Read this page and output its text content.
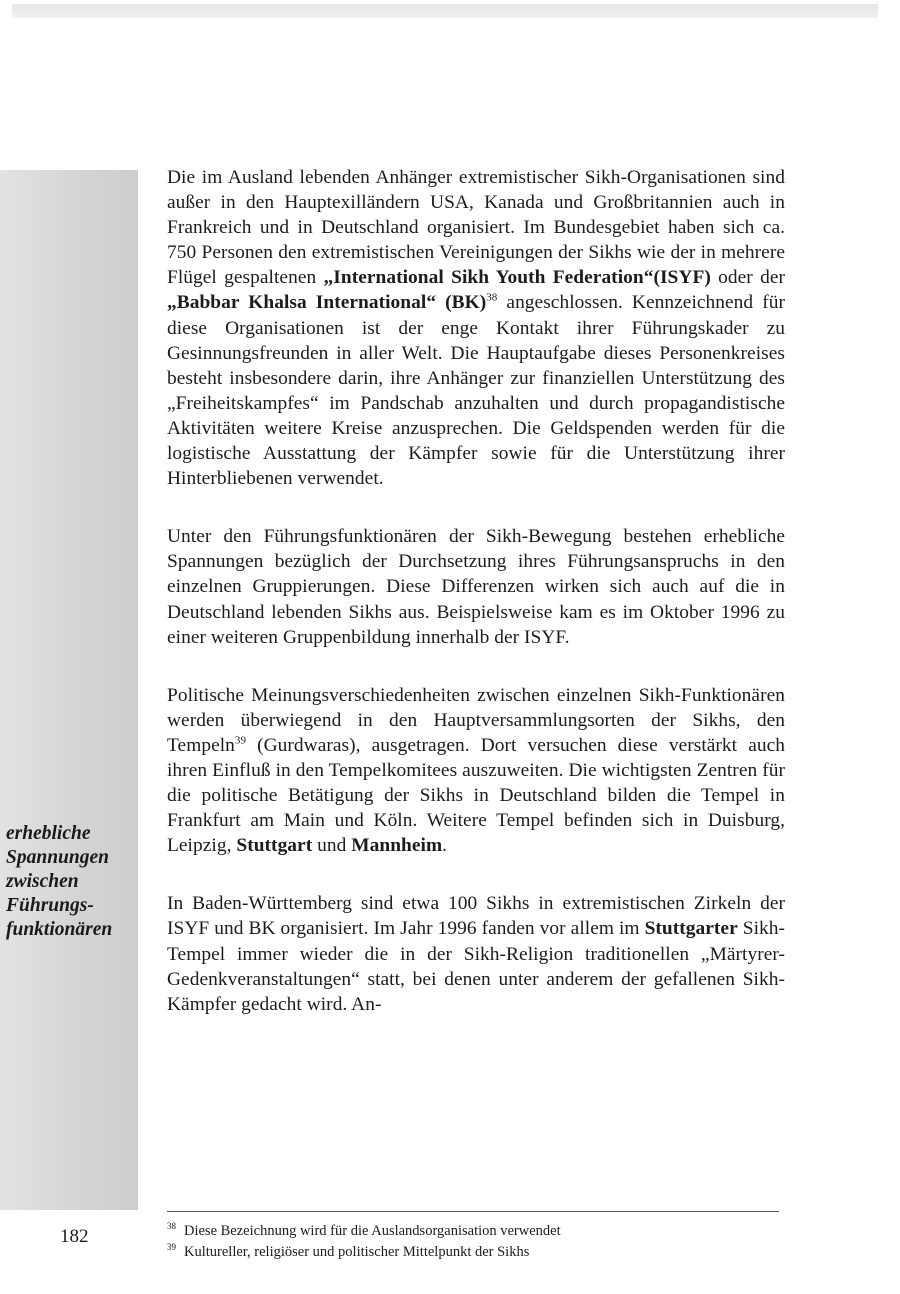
erhebliche
Spannungen
zwischen
Führungs-
funktionären

Die im Ausland lebenden Anhänger extremistischer Sikh-Organisationen sind außer in den Hauptexilländern USA, Kanada und Großbritannien auch in Frankreich und in Deutschland organisiert. Im Bundesgebiet haben sich ca. 750 Personen den extremistischen Vereinigungen der Sikhs wie der in mehrere Flügel gespaltenen „International Sikh Youth Federation“(ISYF) oder der „Babbar Khalsa International“ (BK)$^{38}$ angeschlossen. Kennzeichnend für diese Organisationen ist der enge Kontakt ihrer Führungskader zu Gesinnungsfreunden in aller Welt. Die Hauptaufgabe dieses Personenkreises besteht insbesondere darin, ihre Anhänger zur finanziellen Unterstützung des „Freiheitskampfes“ im Pandschab anzuhalten und durch propagandistische Aktivitäten weitere Kreise anzusprechen. Die Geldspenden werden für die logistische Ausstattung der Kämpfer sowie für die Unterstützung ihrer Hinterbliebenen verwendet.

Unter den Führungsfunktionären der Sikh-Bewegung bestehen erhebliche Spannungen bezüglich der Durchsetzung ihres Führungsanspruchs in den einzelnen Gruppierungen. Diese Differenzen wirken sich auch auf die in Deutschland lebenden Sikhs aus. Beispielsweise kam es im Oktober 1996 zu einer weiteren Gruppenbildung innerhalb der ISYF.

Politische Meinungsverschiedenheiten zwischen einzelnen Sikh-Funktionären werden überwiegend in den Hauptversammlungsorten der Sikhs, den Tempeln$^{39}$ (Gurdwaras), ausgetragen. Dort versuchen diese verstärkt auch ihren Einfluß in den Tempelkomitees auszuweiten. Die wichtigsten Zentren für die politische Betätigung der Sikhs in Deutschland bilden die Tempel in Frankfurt am Main und Köln. Weitere Tempel befinden sich in Duisburg, Leipzig, Stuttgart und Mannheim.

In Baden-Württemberg sind etwa 100 Sikhs in extremistischen Zirkeln der ISYF und BK organisiert. Im Jahr 1996 fanden vor allem im Stuttgarter Sikh-Tempel immer wieder die in der Sikh-Religion traditionellen „Märtyrer-Gedenkveranstaltungen“ statt, bei denen unter anderem der gefallenen Sikh-Kämpfer gedacht wird. An-

182	$^{38}$ Diese Bezeichnung wird für die Auslandsorganisation verwendet

$^{39}$ Kultureller, religiöser und politischer Mittelpunkt der Sikhs
